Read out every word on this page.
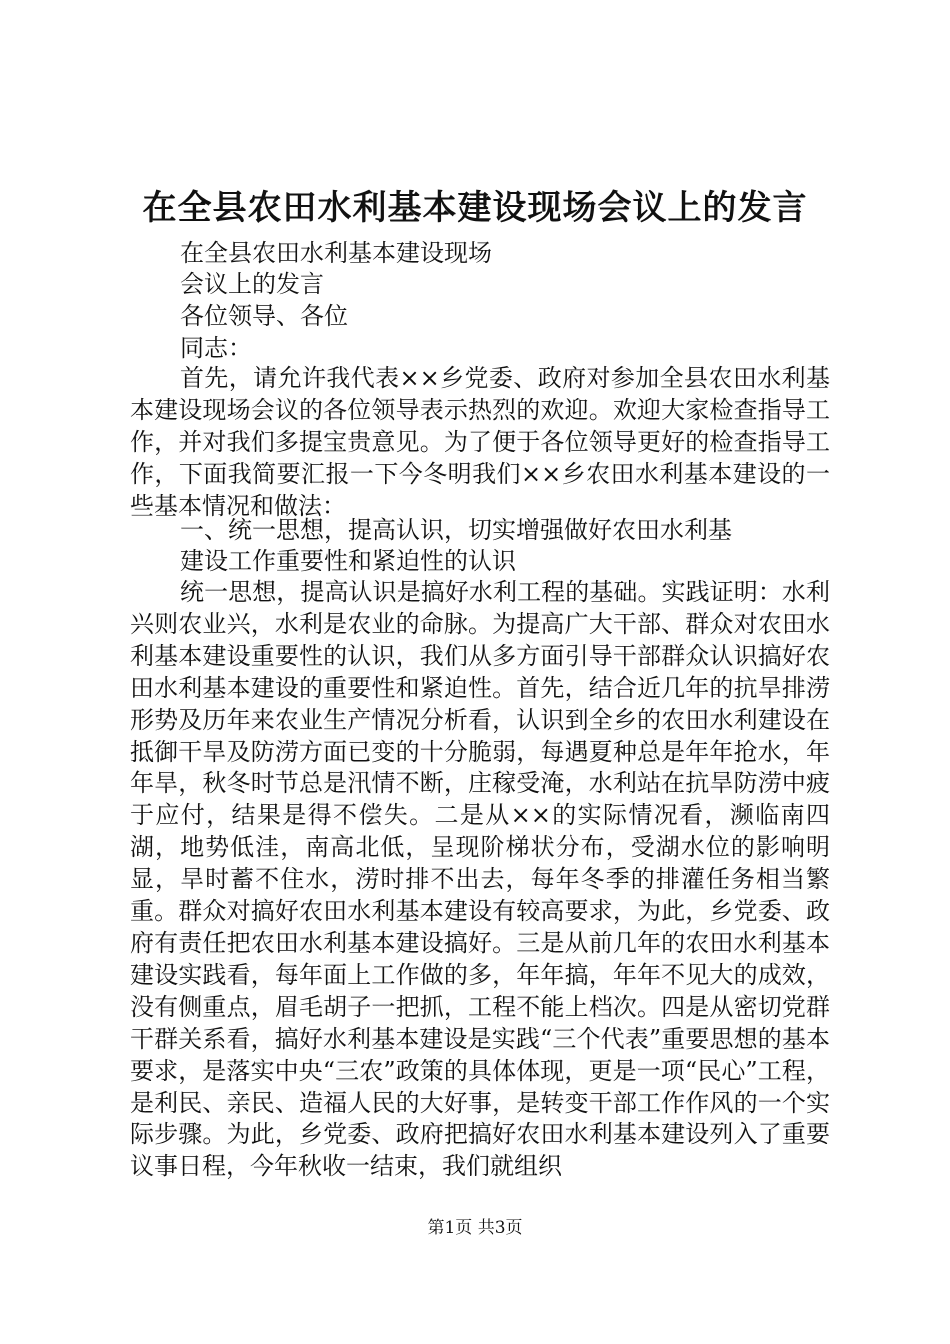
在全县农田水利基本建设现场会议上的发言
在全县农田水利基本建设现场
会议上的发言
各位领导、各位
同志：

首先，请允许我代表××乡党委、政府对参加全县农田水利基本建设现场会议的各位领导表示热烈的欢迎。欢迎大家检查指导工作，并对我们多提宝贵意见。为了便于各位领导更好的检查指导工作，下面我简要汇报一下今冬明我们××乡农田水利基本建设的一些基本情况和做法：

一、统一思想，提高认识，切实增强做好农田水利基
建设工作重要性和紧迫性的认识

统一思想，提高认识是搞好水利工程的基础。实践证明：水利兴则农业兴，水利是农业的命脉。为提高广大干部、群众对农田水利基本建设重要性的认识，我们从多方面引导干部群众认识搞好农田水利基本建设的重要性和紧迫性。首先，结合近几年的抗旱排涝形势及历年来农业生产情况分析看，认识到全乡的农田水利建设在抵御干旱及防涝方面已变的十分脆弱，每遇夏种总是年年抢水，年年旱，秋冬时节总是汛情不断，庄稼受淹，水利站在抗旱防涝中疲于应付，结果是得不偿失。二是从××的实际情况看，濒临南四湖，地势低洼，南高北低，呈现阶梯状分布，受湖水位的影响明显，旱时蓄不住水，涝时排不出去，每年冬季的排灌任务相当繁重。群众对搞好农田水利基本建设有较高要求，为此，乡党委、政府有责任把农田水利基本建设搞好。三是从前几年的农田水利基本建设实践看，每年面上工作做的多，年年搞，年年不见大的成效，没有侧重点，眉毛胡子一把抓，工程不能上档次。四是从密切党群干群关系看，搞好水利基本建设是实践“三个代表”重要思想的基本要求，是落实中央“三农”政策的具体体现，更是一项“民心”工程，是利民、亲民、造福人民的大好事，是转变干部工作作风的一个实际步骤。为此，乡党委、政府把搞好农田水利基本建设列入了重要议事日程，今年秋收一结束，我们就组织

第1页 共3页
